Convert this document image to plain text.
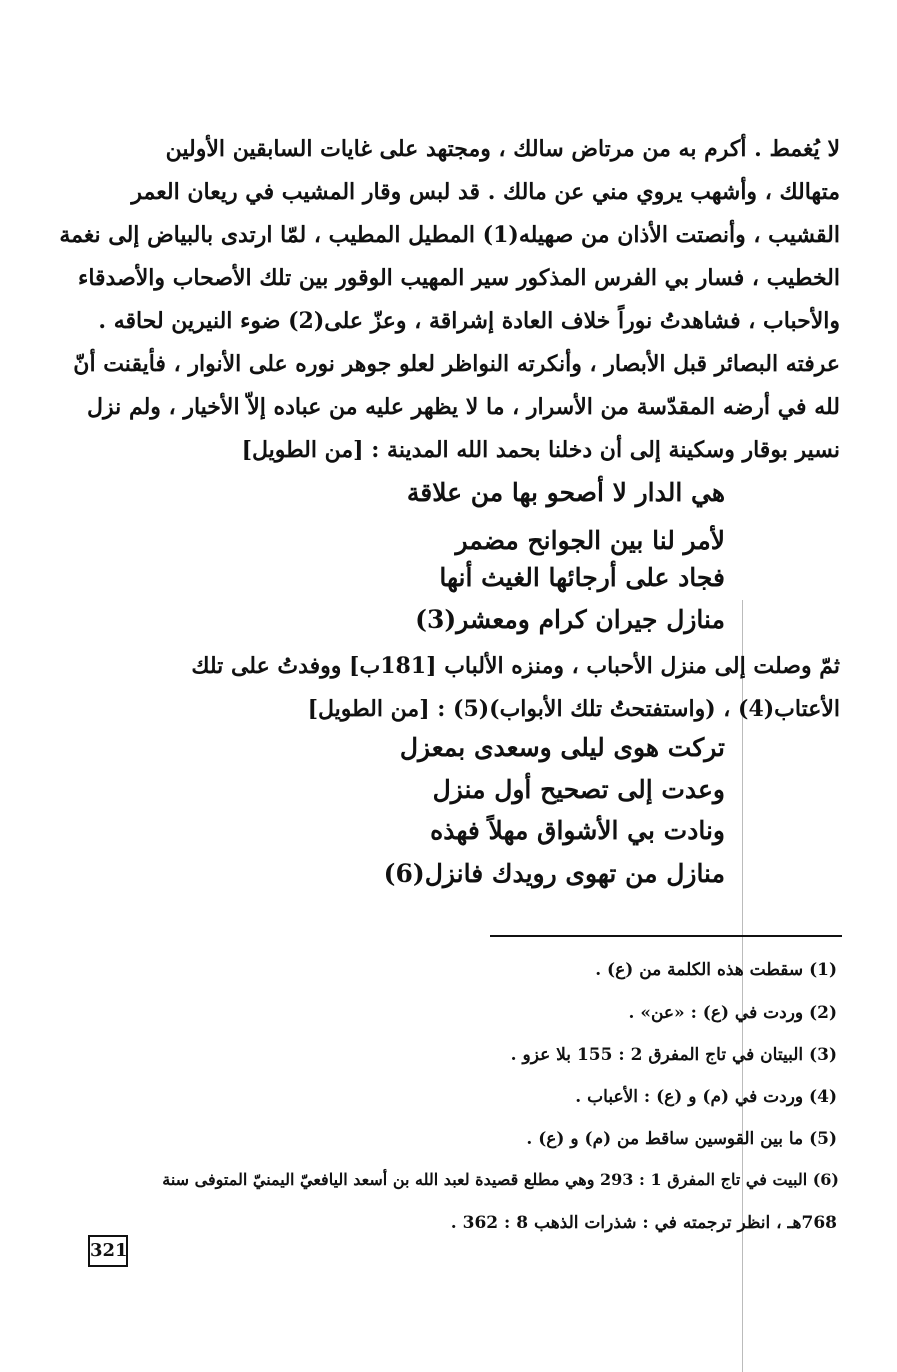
لا يُغمط . أكرم به من مرتاض سالك ، ومجتهد على غايات السابقين الأولين
متهالك ، وأشهب يروي مني عن مالك . قد لبس وقار المشيب في ريعان العمر
القشيب ، وأنصتت الأذان من صهيله(1) المطيل المطيب ، لمّا ارتدى بالبياض إلى نغمة
الخطيب ، فسار بي الفرس المذكور سير المهيب الوقور بين تلك الأصحاب والأصدقاء
والأحباب ، فشاهدتُ نوراً خلاف العادة إشراقة ، وعزّ على(2) ضوء النيرين لحاقه .
عرفته البصائر قبل الأبصار ، وأنكرته النواظر لعلو جوهر نوره على الأنوار ، فأيقنت أنّ
لله في أرضه المقدّسة من الأسرار ، ما لا يظهر عليه من عباده إلاّ الأخيار ، ولم نزل
نسير بوقار وسكينة إلى أن دخلنا بحمد الله المدينة : [من الطويل]
هي الدار لا أصحو بها من علاقة
لأمر لنا بين الجوانح مضمر
فجاد على أرجائها الغيث أنها
منازل جيران كرام ومعشر(3)
ثمّ وصلت إلى منزل الأحباب ، ومنزه الألباب [181ب] ووفدتُ على تلك
الأعتاب(4) ، (واستفتحتُ تلك الأبواب)(5) : [من الطويل]
تركت هوى ليلى وسعدى بمعزل
وعدت إلى تصحيح أول منزل
ونادت بي الأشواق مهلاً فهذه
منازل من تهوى رويدك فانزل(6)
(1) سقطت هذه الكلمة من (ع) .
(2) وردت في (ع) : «عن» .
(3) البيتان في تاج المفرق 2 : 155 بلا عزو .
(4) وردت في (م) و (ع) : الأعباب .
(5) ما بين القوسين ساقط من (م) و (ع) .
(6) البيت في تاج المفرق 1 : 293 وهي مطلع قصيدة لعبد الله بن أسعد اليافعيّ اليمنيّ المتوفى سنة
768هـ ، انظر ترجمته في : شذرات الذهب 8 : 362 .
321
